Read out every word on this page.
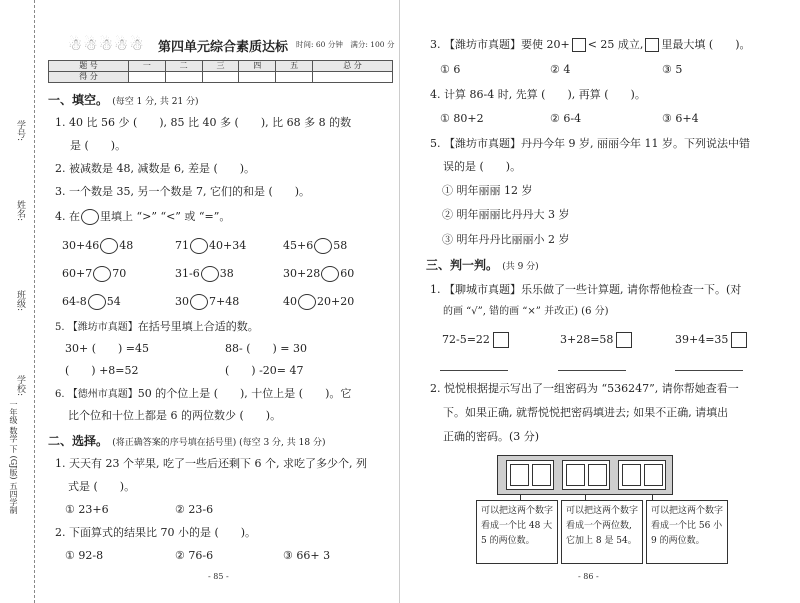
学号:
姓名:
班级:
学校:
一年级 数学 下 (GJ版) 五四学制
☃☃☃☃☃ 第四单元综合素质达标 时间: 60 分钟　满分: 100 分
题 号	一	二	三	四	五	总 分
得 分						
一、填空。 (每空 1 分, 共 21 分)
1. 40 比 56 少 (　　), 85 比 40 多 (　　), 比 68 多 8 的数
是 (　　)。
2. 被减数是 48, 减数是 6, 差是 (　　)。
3. 一个数是 35, 另一个数是 7, 它们的和是 (　　)。
4. 在 里填上 “>” “<” 或 “=”。
30+46 48	71 40+34	45+6 58
60+7 70	31-6 38	30+28 60
64-8 54	30 7+48	40 20+20
5. 【潍坊市真题】在括号里填上合适的数。
30+ (　　) =45	88- (　　) = 30
(　　) +8=52	(　　) -20= 47
6. 【德州市真题】50 的个位上是 (　　), 十位上是 (　　)。它
比个位和十位上都是 6 的两位数少 (　　)。
二、选择。 (将正确答案的序号填在括号里) (每空 3 分, 共 18 分)
1. 天天有 23 个苹果, 吃了一些后还剩下 6 个, 求吃了多少个, 列
式是 (　　)。
① 23+6	② 23-6
2. 下面算式的结果比 70 小的是 (　　)。
① 92-8	② 76-6	③ 66+ 3
- 85 -
3. 【潍坊市真题】要使 20+ < 25 成立, 里最大填 (　　)。
① 6	② 4	③ 5
4. 计算 86-4 时, 先算 (　　), 再算 (　　)。
① 80+2	② 6-4	③ 6+4
5. 【潍坊市真题】丹丹今年 9 岁, 丽丽今年 11 岁。下列说法中错
误的是 (　　)。
① 明年丽丽 12 岁
② 明年丽丽比丹丹大 3 岁
③ 明年丹丹比丽丽小 2 岁
三、判一判。 (共 9 分)
1. 【聊城市真题】乐乐做了一些计算题, 请你帮他检查一下。(对
的画 “√”, 错的画 “×” 并改正) (6 分)
72-5=22	3+28=58	39+4=35
2. 悦悦根据提示写出了一组密码为 “536247”, 请你帮她查看一
下。如果正确, 就帮悦悦把密码填进去; 如果不正确, 请填出
正确的密码。(3 分)
- 86 -
可以把这两个数字看成一个比 48 大 5 的两位数。
可以把这两个数字看成一个两位数, 它加上 8 是 54。
可以把这两个数字看成一个比 56 小 9 的两位数。
